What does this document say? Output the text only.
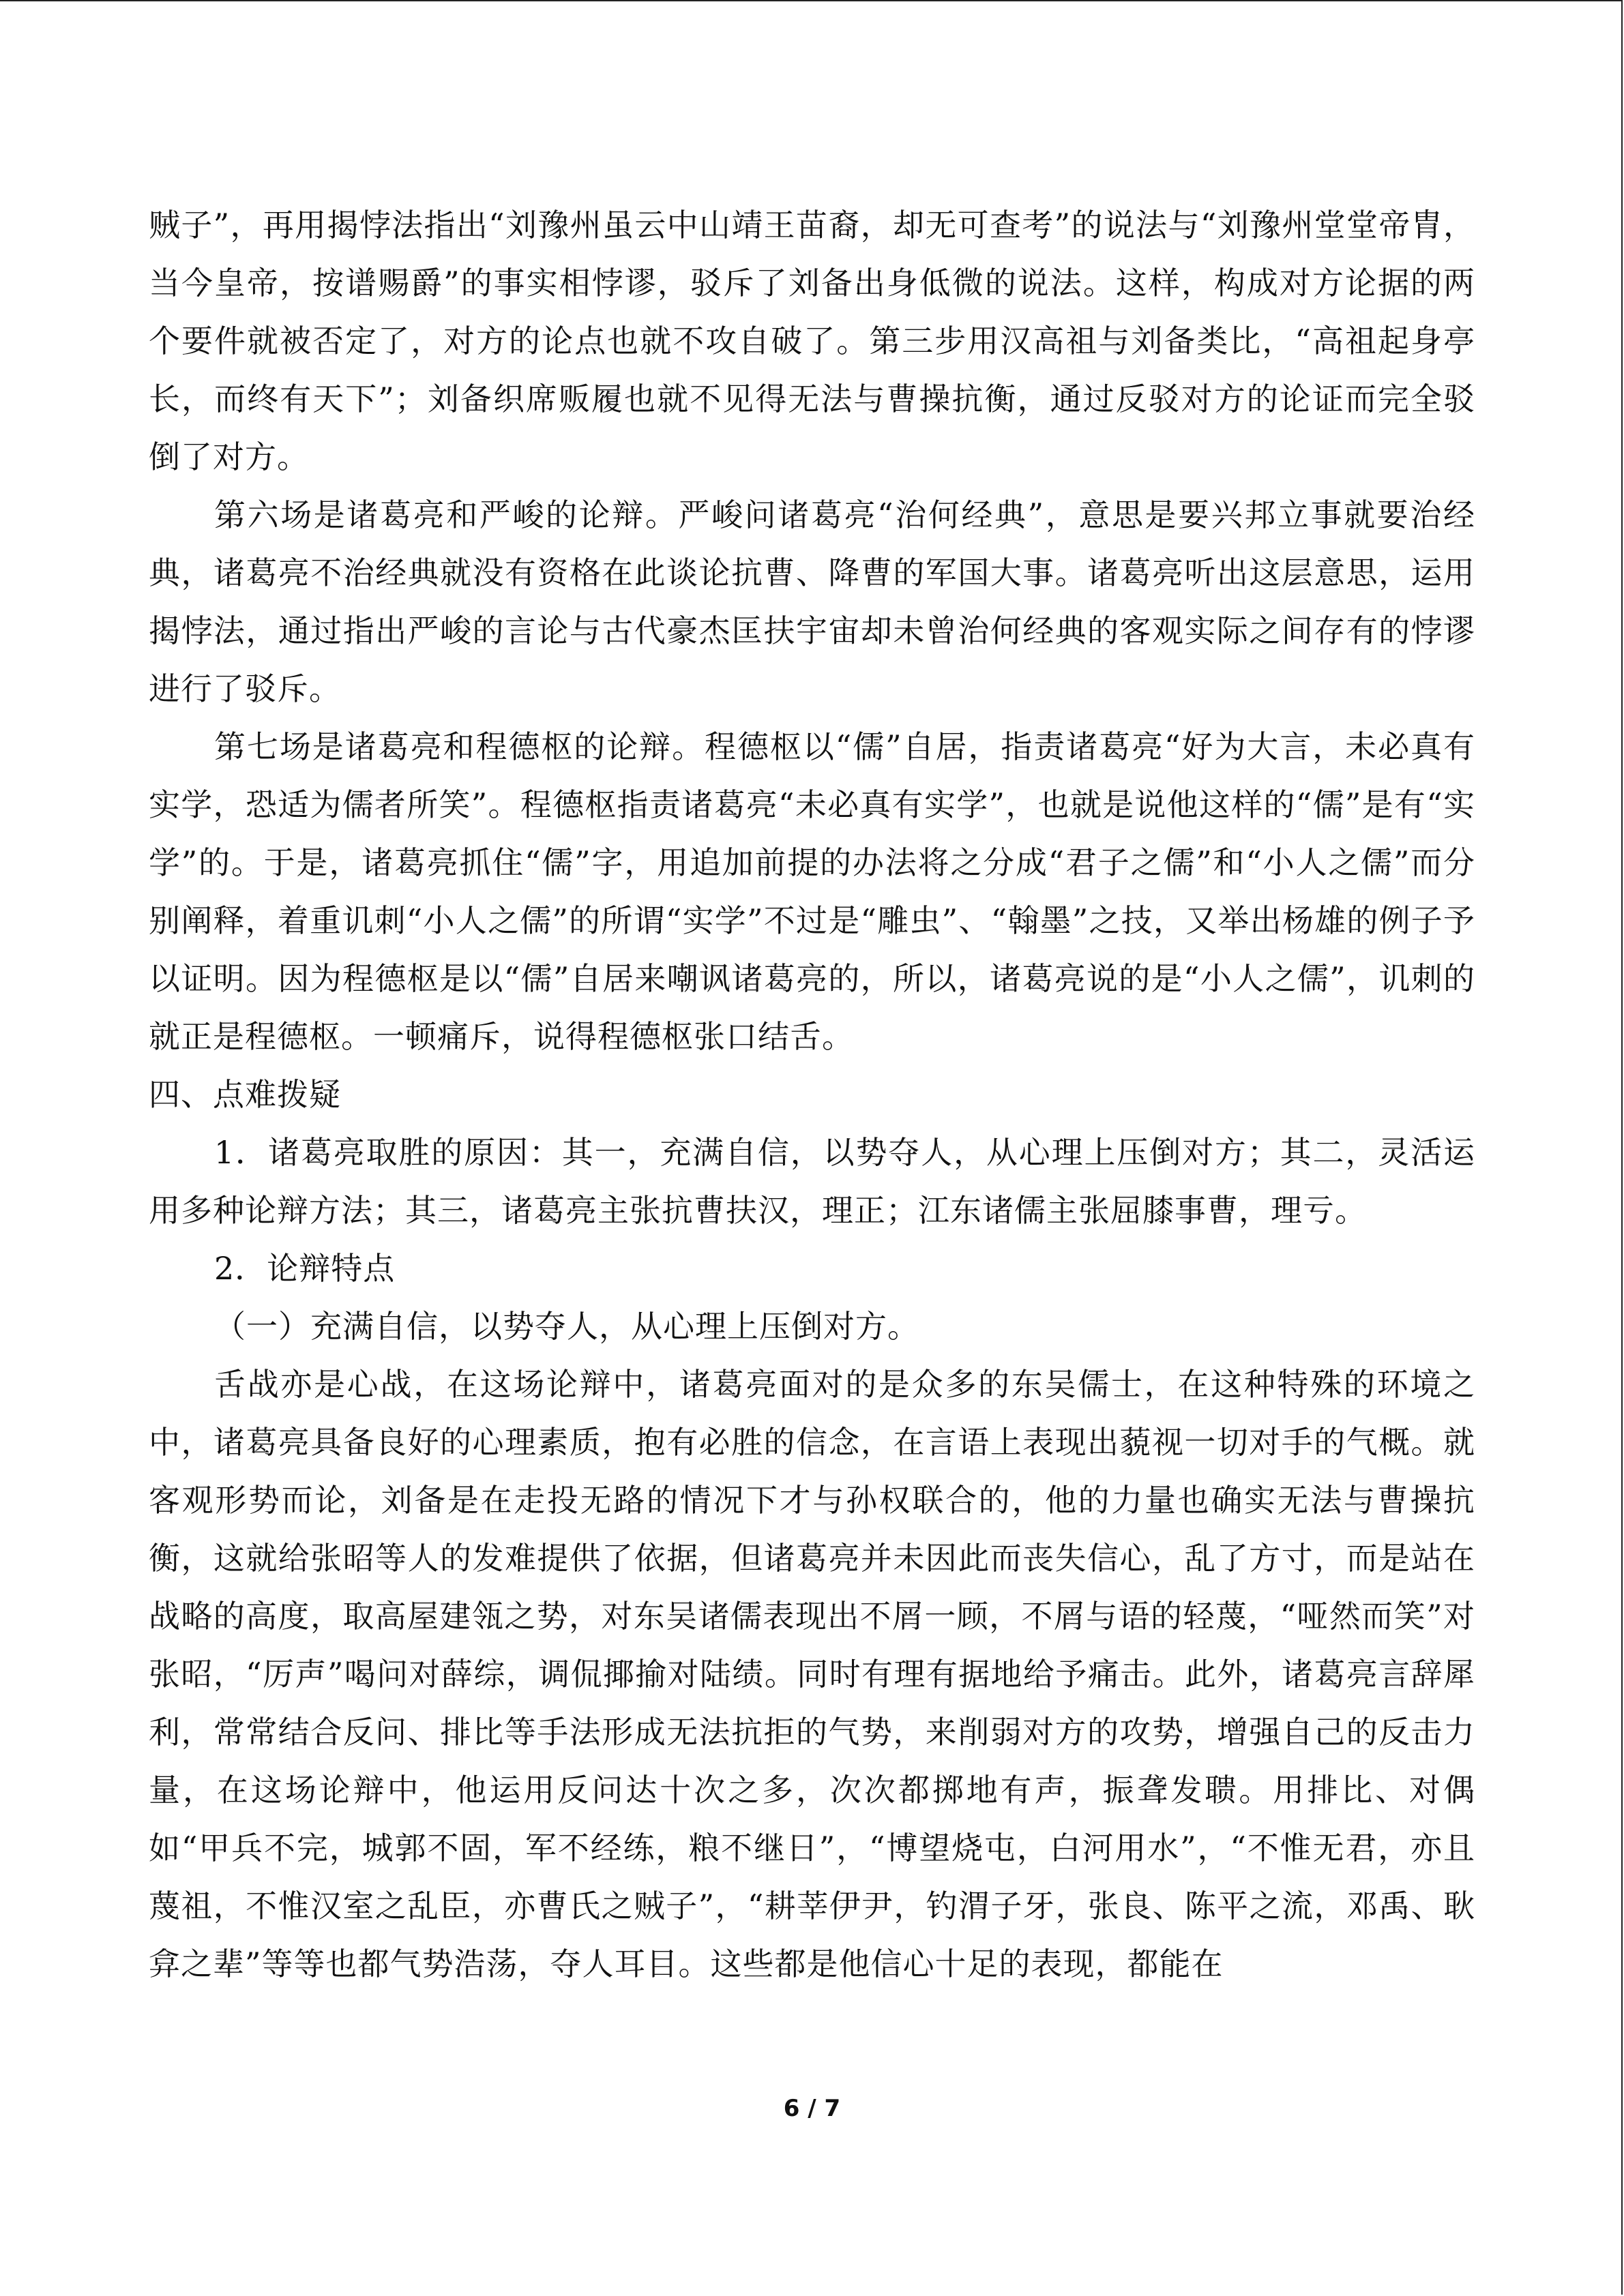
贼子”，再用揭悖法指出“刘豫州虽云中山靖王苗裔，却无可查考”的说法与“刘豫州堂堂帝胄，当今皇帝，按谱赐爵”的事实相悖谬，驳斥了刘备出身低微的说法。这样，构成对方论据的两个要件就被否定了，对方的论点也就不攻自破了。第三步用汉高祖与刘备类比，“高祖起身亭长，而终有天下”；刘备织席贩履也就不见得无法与曹操抗衡，通过反驳对方的论证而完全驳倒了对方。

第六场是诸葛亮和严峻的论辩。严峻问诸葛亮“治何经典”，意思是要兴邦立事就要治经典，诸葛亮不治经典就没有资格在此谈论抗曹、降曹的军国大事。诸葛亮听出这层意思，运用揭悖法，通过指出严峻的言论与古代豪杰匡扶宇宙却未曾治何经典的客观实际之间存有的悖谬进行了驳斥。

第七场是诸葛亮和程德枢的论辩。程德枢以“儒”自居，指责诸葛亮“好为大言，未必真有实学，恐适为儒者所笑”。程德枢指责诸葛亮“未必真有实学”，也就是说他这样的“儒”是有“实学”的。于是，诸葛亮抓住“儒”字，用追加前提的办法将之分成“君子之儒”和“小人之儒”而分别阐释，着重讥刺“小人之儒”的所谓“实学”不过是“雕虫”、“翰墨”之技，又举出杨雄的例子予以证明。因为程德枢是以“儒”自居来嘲讽诸葛亮的，所以，诸葛亮说的是“小人之儒”，讥刺的就正是程德枢。一顿痛斥，说得程德枢张口结舌。

四、点难拨疑

1．诸葛亮取胜的原因：其一，充满自信，以势夺人，从心理上压倒对方；其二，灵活运用多种论辩方法；其三，诸葛亮主张抗曹扶汉，理正；江东诸儒主张屈膝事曹，理亏。

2．论辩特点

（一）充满自信，以势夺人，从心理上压倒对方。

舌战亦是心战，在这场论辩中，诸葛亮面对的是众多的东吴儒士，在这种特殊的环境之中，诸葛亮具备良好的心理素质，抱有必胜的信念，在言语上表现出藐视一切对手的气概。就客观形势而论，刘备是在走投无路的情况下才与孙权联合的，他的力量也确实无法与曹操抗衡，这就给张昭等人的发难提供了依据，但诸葛亮并未因此而丧失信心，乱了方寸，而是站在战略的高度，取高屋建瓴之势，对东吴诸儒表现出不屑一顾，不屑与语的轻蔑，“哑然而笑”对张昭，“厉声”喝问对薛综，调侃揶揄对陆绩。同时有理有据地给予痛击。此外，诸葛亮言辞犀利，常常结合反问、排比等手法形成无法抗拒的气势，来削弱对方的攻势，增强自己的反击力量，在这场论辩中，他运用反问达十次之多，次次都掷地有声，振聋发聩。用排比、对偶如“甲兵不完，城郭不固，军不经练，粮不继日”，“博望烧屯，白河用水”，“不惟无君，亦且蔑祖，不惟汉室之乱臣，亦曹氏之贼子”，“耕莘伊尹，钓渭子牙，张良、陈平之流，邓禹、耿弇之辈”等等也都气势浩荡，夺人耳目。这些都是他信心十足的表现，都能在

6 / 7
